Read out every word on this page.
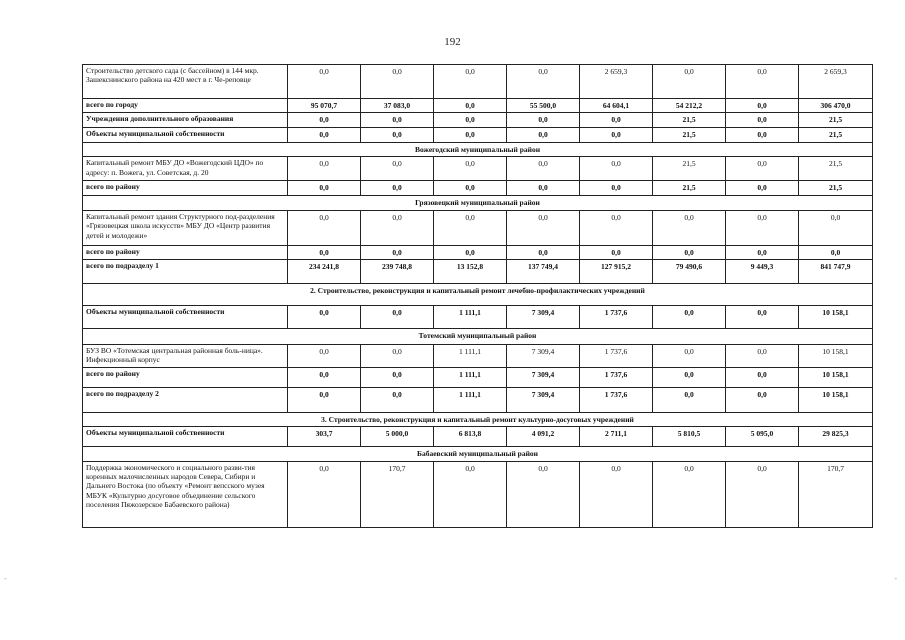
192
Строительство детского сада (с бассейном) в 144 мкр. Зашекснинского района на 420 мест в г. Че-реповце	0,0	0,0	0,0	0,0	2 659,3	0,0	0,0	2 659,3
всего по городу	95 070,7	37 083,0	0,0	55 500,0	64 604,1	54 212,2	0,0	306 470,0
Учреждения дополнительного образования	0,0	0,0	0,0	0,0	0,0	21,5	0,0	21,5
Объекты муниципальной собственности	0,0	0,0	0,0	0,0	0,0	21,5	0,0	21,5
Вожегодский муниципальный район								
Капитальный ремонт МБУ ДО «Вожегодский ЦДО» по адресу: п. Вожега, ул. Советская, д. 20	0,0	0,0	0,0	0,0	0,0	21,5	0,0	21,5
всего по району	0,0	0,0	0,0	0,0	0,0	21,5	0,0	21,5
Грязовецкий муниципальный район								
Капитальный ремонт здания Структурного под-разделения «Грязовецкая школа искусств» МБУ ДО «Центр развития детей и молодежи»	0,0	0,0	0,0	0,0	0,0	0,0	0,0	0,0
всего по району	0,0	0,0	0,0	0,0	0,0	0,0	0,0	0,0
всего по подразделу 1	234 241,8	239 748,8	13 152,8	137 749,4	127 915,2	79 490,6	9 449,3	841 747,9
2. Строительство, реконструкция и капитальный ремонт лечебно-профилактических учреждений								
Объекты муниципальной собственности	0,0	0,0	1 111,1	7 309,4	1 737,6	0,0	0,0	10 158,1
Тотемский муниципальный район								
БУЗ ВО «Тотемская центральная районная боль-ница». Инфекционный корпус	0,0	0,0	1 111,1	7 309,4	1 737,6	0,0	0,0	10 158,1
всего по району	0,0	0,0	1 111,1	7 309,4	1 737,6	0,0	0,0	10 158,1
всего по подразделу 2	0,0	0,0	1 111,1	7 309,4	1 737,6	0,0	0,0	10 158,1
3. Строительство, реконструкция и капитальный ремонт культурно-досуговых учреждений								
Объекты муниципальной собственности	303,7	5 000,0	6 813,8	4 091,2	2 711,1	5 810,5	5 095,0	29 825,3
Бабаевский муниципальный район								
Поддержка экономического и социального разви-тия коренных малочисленных народов Севера, Сибири и Дальнего Востока (по объекту «Ремонт вепсского музея МБУК «Культурно досуговое объединение сельского поселения Пяжозерское Бабаевского района)	0,0	170,7	0,0	0,0	0,0	0,0	0,0	170,7
-	-
